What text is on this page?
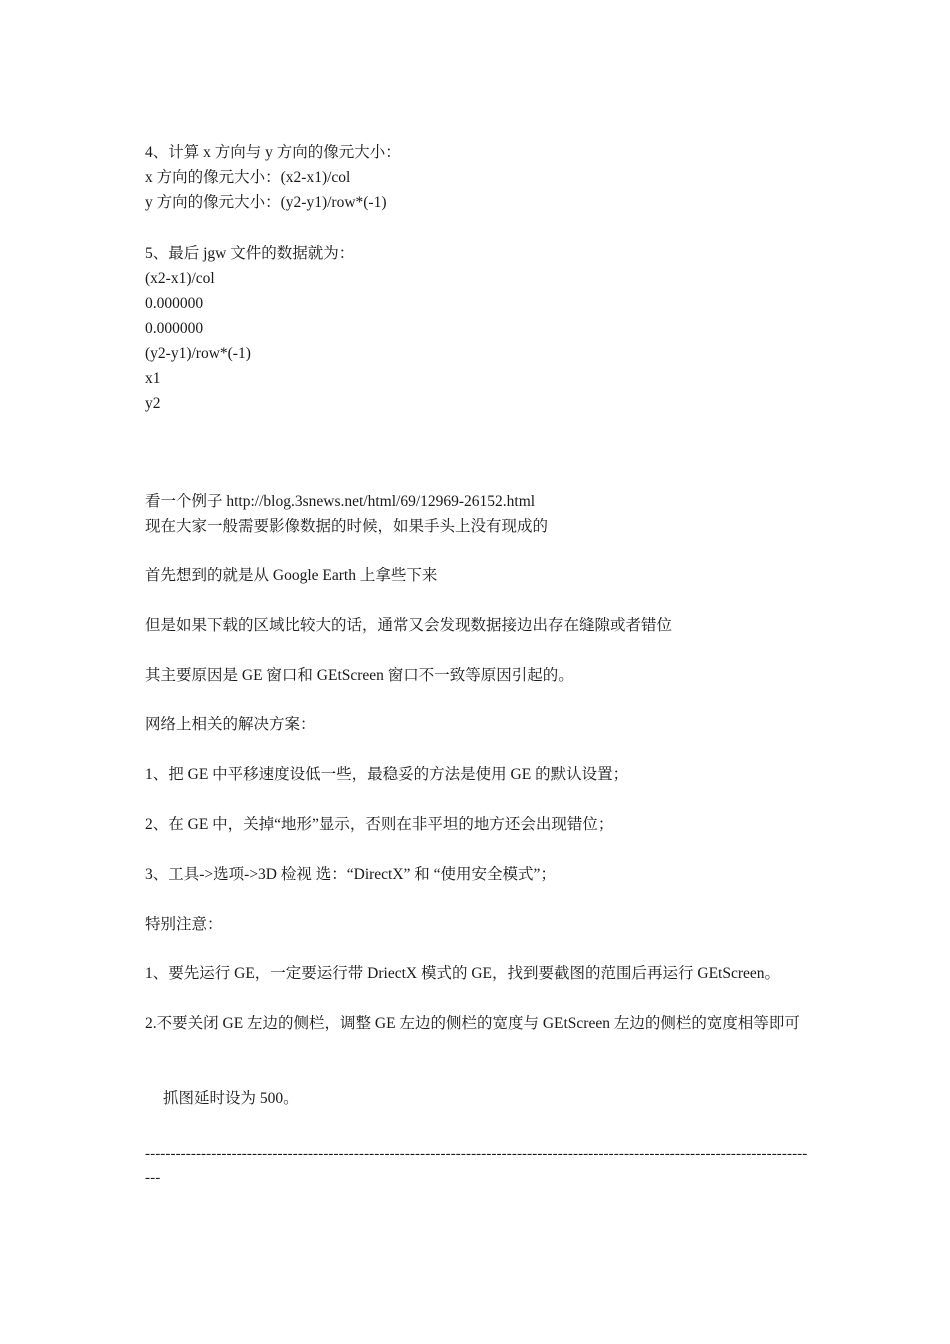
4、计算 x 方向与 y 方向的像元大小：
x 方向的像元大小：(x2-x1)/col
y 方向的像元大小：(y2-y1)/row*(-1)
5、最后 jgw 文件的数据就为：
(x2-x1)/col
0.000000
0.000000
(y2-y1)/row*(-1)
x1
y2
看一个例子 http://blog.3snews.net/html/69/12969-26152.html
现在大家一般需要影像数据的时候，如果手头上没有现成的
首先想到的就是从 Google Earth 上拿些下来
但是如果下载的区域比较大的话，通常又会发现数据接边出存在缝隙或者错位
其主要原因是 GE 窗口和 GEtScreen 窗口不一致等原因引起的。
网络上相关的解决方案：
1、把 GE 中平移速度设低一些，最稳妥的方法是使用 GE 的默认设置；
2、在 GE 中，关掉“地形”显示，否则在非平坦的地方还会出现错位；
3、工具->选项->3D 检视 选：“DirectX” 和 “使用安全模式”；
特别注意：
1、要先运行 GE，一定要运行带 DriectX 模式的 GE，找到要截图的范围后再运行 GEtScreen。
2.不要关闭 GE 左边的侧栏，调整 GE 左边的侧栏的宽度与 GEtScreen 左边的侧栏的宽度相等即可
抓图延时设为 500。
-------------------------------------------------------------------------------------------------------------------------------------
